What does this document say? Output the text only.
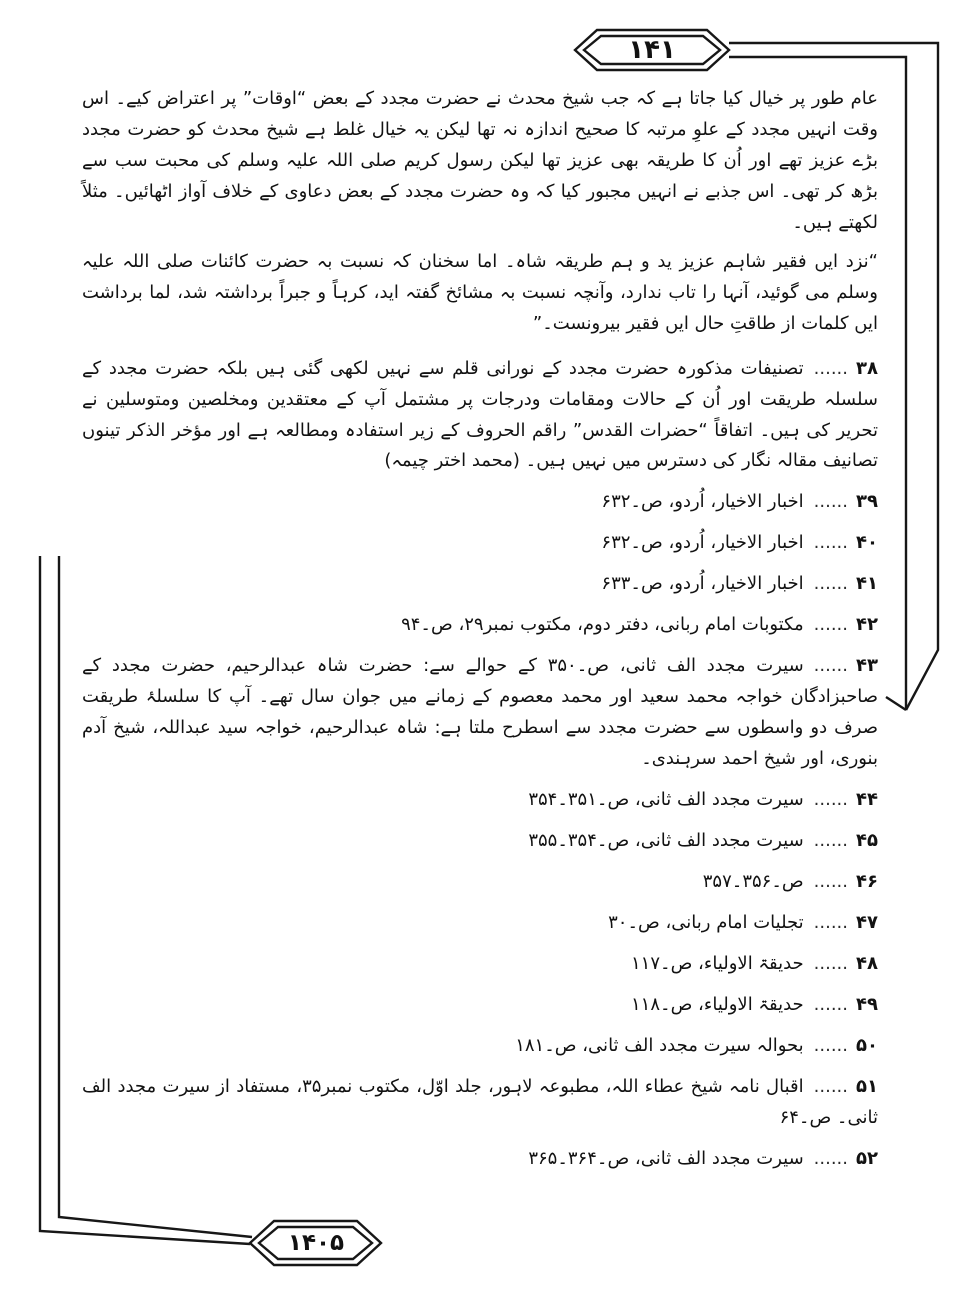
۱۴۱
۱۴۰۵

عام طور پر خیال کیا جاتا ہے کہ جب شیخ محدث نے حضرت مجدد کے بعض “اوقات” پر اعتراض کیے۔ اس وقت انہیں مجدد کے علوِ مرتبہ کا صحیح اندازہ نہ تھا لیکن یہ خیال غلط ہے شیخ محدث کو حضرت مجدد بڑے عزیز تھے اور اُن کا طریقہ بھی عزیز تھا لیکن رسول کریم صلی اللہ علیہ وسلم کی محبت سب سے بڑھ کر تھی۔ اس جذبے نے انہیں مجبور کیا کہ وہ حضرت مجدد کے بعض دعاوی کے خلاف آواز اٹھائیں۔ مثلاً لکھتے ہیں۔

“نزد ایں فقیر شاہم عزیز ید و ہم طریقہ شاہ۔ اما سخنان کہ نسبت بہ حضرت کائنات صلی اللہ علیہ وسلم می گوئید، آنہا را تاب ندارد، وآنچہ نسبت بہ مشائخ گفتہ اید، کرہاً و جبراً برداشتہ شد، لما برداشت ایں کلمات از طاقتِ حال ایں فقیر بیرونست۔”

۳۸......تصنیفات مذکورہ حضرت مجدد کے نورانی قلم سے نہیں لکھی گئی ہیں بلکہ حضرت مجدد کے سلسلہ طریقت اور اُن کے حالات ومقامات ودرجات پر مشتمل آپ کے معتقدین ومخلصین ومتوسلین نے تحریر کی ہیں۔ اتفاقاً “حضرات القدس” راقم الحروف کے زیر استفادہ ومطالعہ ہے اور مؤخر الذکر تینوں تصانیف مقالہ نگار کی دسترس میں نہیں ہیں۔ (محمد اختر چیمہ)
۳۹......اخبار الاخیار، اُردو، ص۔۶۳۲
۴۰......اخبار الاخیار، اُردو، ص۔۶۳۲
۴۱......اخبار الاخیار، اُردو، ص۔۶۳۳
۴۲......مکتوبات امام ربانی، دفتر دوم، مکتوب نمبر۲۹، ص۔۹۴
۴۳......سیرت مجدد الف ثانی، ص۔۳۵۰ کے حوالے سے: حضرت شاہ عبدالرحیم، حضرت مجدد کے صاحبزادگان خواجہ محمد سعید اور محمد معصوم کے زمانے میں جوان سال تھے۔ آپ کا سلسلۂ طریقت صرف دو واسطوں سے حضرت مجدد سے اسطرح ملتا ہے: شاہ عبدالرحیم، خواجہ سید عبداللہ، شیخ آدم بنوری، اور شیخ احمد سرہندی۔
۴۴......سیرت مجدد الف ثانی، ص۔۳۵۱۔۳۵۴
۴۵......سیرت مجدد الف ثانی، ص۔۳۵۴۔۳۵۵
۴۶......ص۔۳۵۶۔۳۵۷
۴۷......تجلیات امام ربانی، ص۔۳۰
۴۸......حدیقۃ الاولیاء، ص۔۱۱۷
۴۹......حدیقۃ الاولیاء، ص۔۱۱۸
۵۰......بحوالہ سیرت مجدد الف ثانی، ص۔۱۸۱
۵۱......اقبال نامہ شیخ عطاء اللہ، مطبوعہ لاہور، جلد اوّل، مکتوب نمبر۳۵، مستفاد از سیرت مجدد الف ثانی۔ ص۔۶۴
۵۲......سیرت مجدد الف ثانی، ص۔۳۶۴۔۳۶۵
